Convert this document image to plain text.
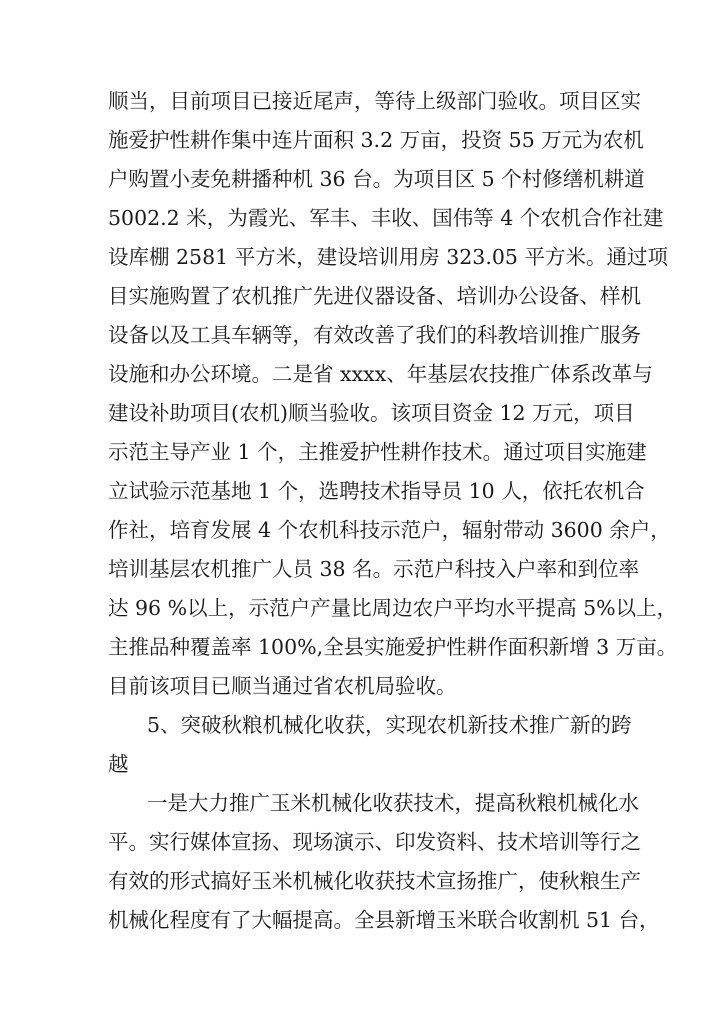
顺当，目前项目已接近尾声，等待上级部门验收。项目区实
施爱护性耕作集中连片面积 3.2 万亩，投资 55 万元为农机
户购置小麦免耕播种机 36 台。为项目区 5 个村修缮机耕道
5002.2 米，为霞光、军丰、丰收、国伟等 4 个农机合作社建
设库棚 2581 平方米，建设培训用房 323.05 平方米。通过项
目实施购置了农机推广先进仪器设备、培训办公设备、样机
设备以及工具车辆等，有效改善了我们的科教培训推广服务
设施和办公环境。二是省 xxxx、年基层农技推广体系改革与
建设补助项目(农机)顺当验收。该项目资金 12 万元，项目
示范主导产业 1 个，主推爱护性耕作技术。通过项目实施建
立试验示范基地 1 个，选聘技术指导员 10 人，依托农机合
作社，培育发展 4 个农机科技示范户，辐射带动 3600 余户，
培训基层农机推广人员 38 名。示范户科技入户率和到位率
达 96 %以上，示范户产量比周边农户平均水平提高 5%以上，
主推品种覆盖率 100%,全县实施爱护性耕作面积新增 3 万亩。
目前该项目已顺当通过省农机局验收。
5、突破秋粮机械化收获，实现农机新技术推广新的跨
越
一是大力推广玉米机械化收获技术，提高秋粮机械化水
平。实行媒体宣扬、现场演示、印发资料、技术培训等行之
有效的形式搞好玉米机械化收获技术宣扬推广，使秋粮生产
机械化程度有了大幅提高。全县新增玉米联合收割机 51 台，
